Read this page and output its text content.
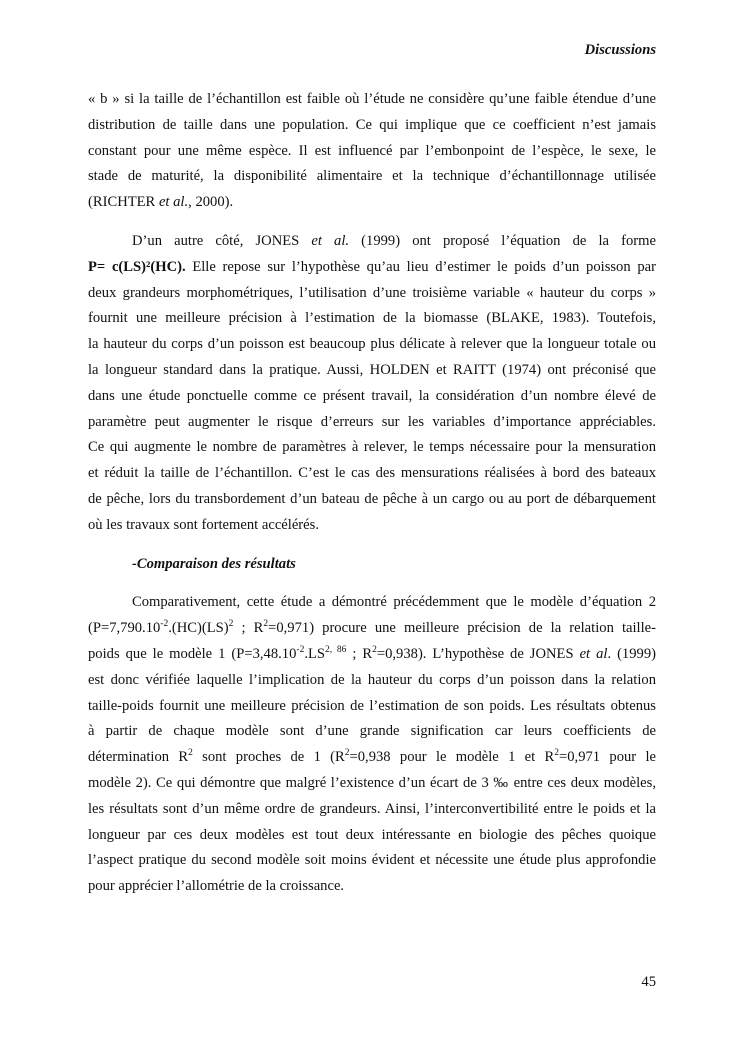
Discussions
« b » si la taille de l’échantillon est faible où l’étude ne considère qu’une faible étendue d’une
distribution de taille dans une population. Ce qui implique que ce coefficient n’est jamais
constant pour une même espèce. Il est influencé par l’embonpoint de l’espèce, le sexe, le
stade de maturité, la disponibilité alimentaire et la technique d’échantillonnage utilisée
(RICHTER et al., 2000).
D’un autre côté, JONES et al. (1999) ont proposé l’équation de la forme
P= c(LS)²(HC). Elle repose sur l’hypothèse qu’au lieu d’estimer le poids d’un poisson par
deux grandeurs morphométriques, l’utilisation d’une troisième variable « hauteur du corps »
fournit une meilleure précision à l’estimation de la biomasse (BLAKE, 1983). Toutefois,
la hauteur du corps d’un poisson est beaucoup plus délicate à relever que la longueur totale ou
la longueur standard dans la pratique. Aussi, HOLDEN et RAITT (1974) ont préconisé que
dans une étude ponctuelle comme ce présent travail, la considération d’un nombre élevé de
paramètre peut augmenter le risque d’erreurs sur les variables d’importance appréciables.
Ce qui augmente le nombre de paramètres à relever, le temps nécessaire pour la mensuration
et réduit la taille de l’échantillon. C’est le cas des mensurations réalisées à bord des bateaux
de pêche, lors du transbordement d’un bateau de pêche à un cargo ou au port de débarquement
où les travaux sont fortement accélérés.
-Comparaison des résultats
Comparativement, cette étude a démontré précédemment que le modèle d’équation 2
($P=7,790.10^{-2}.(HC)(LS)^2$ ; $R^2=0,971$) procure une meilleure précision de la relation taille-
poids que le modèle 1 ($P=3,48.10^{-2}.LS^{2, 86}$ ; $R^2=0,938$). L’hypothèse de JONES et al. (1999)
est donc vérifiée laquelle l’implication de la hauteur du corps d’un poisson dans la relation
taille-poids fournit une meilleure précision de l’estimation de son poids. Les résultats obtenus
à partir de chaque modèle sont d’une grande signification car leurs coefficients de
détermination $R^2$ sont proches de 1 ($R^2=0,938$ pour le modèle 1 et $R^2=0,971$ pour le
modèle 2). Ce qui démontre que malgré l’existence d’un écart de 3 ‰ entre ces deux modèles,
les résultats sont d’un même ordre de grandeurs. Ainsi, l’interconvertibilité entre le poids et la
longueur par ces deux modèles est tout deux intéressante en biologie des pêches quoique
l’aspect pratique du second modèle soit moins évident et nécessite une étude plus approfondie
pour apprécier l’allométrie de la croissance.
45
